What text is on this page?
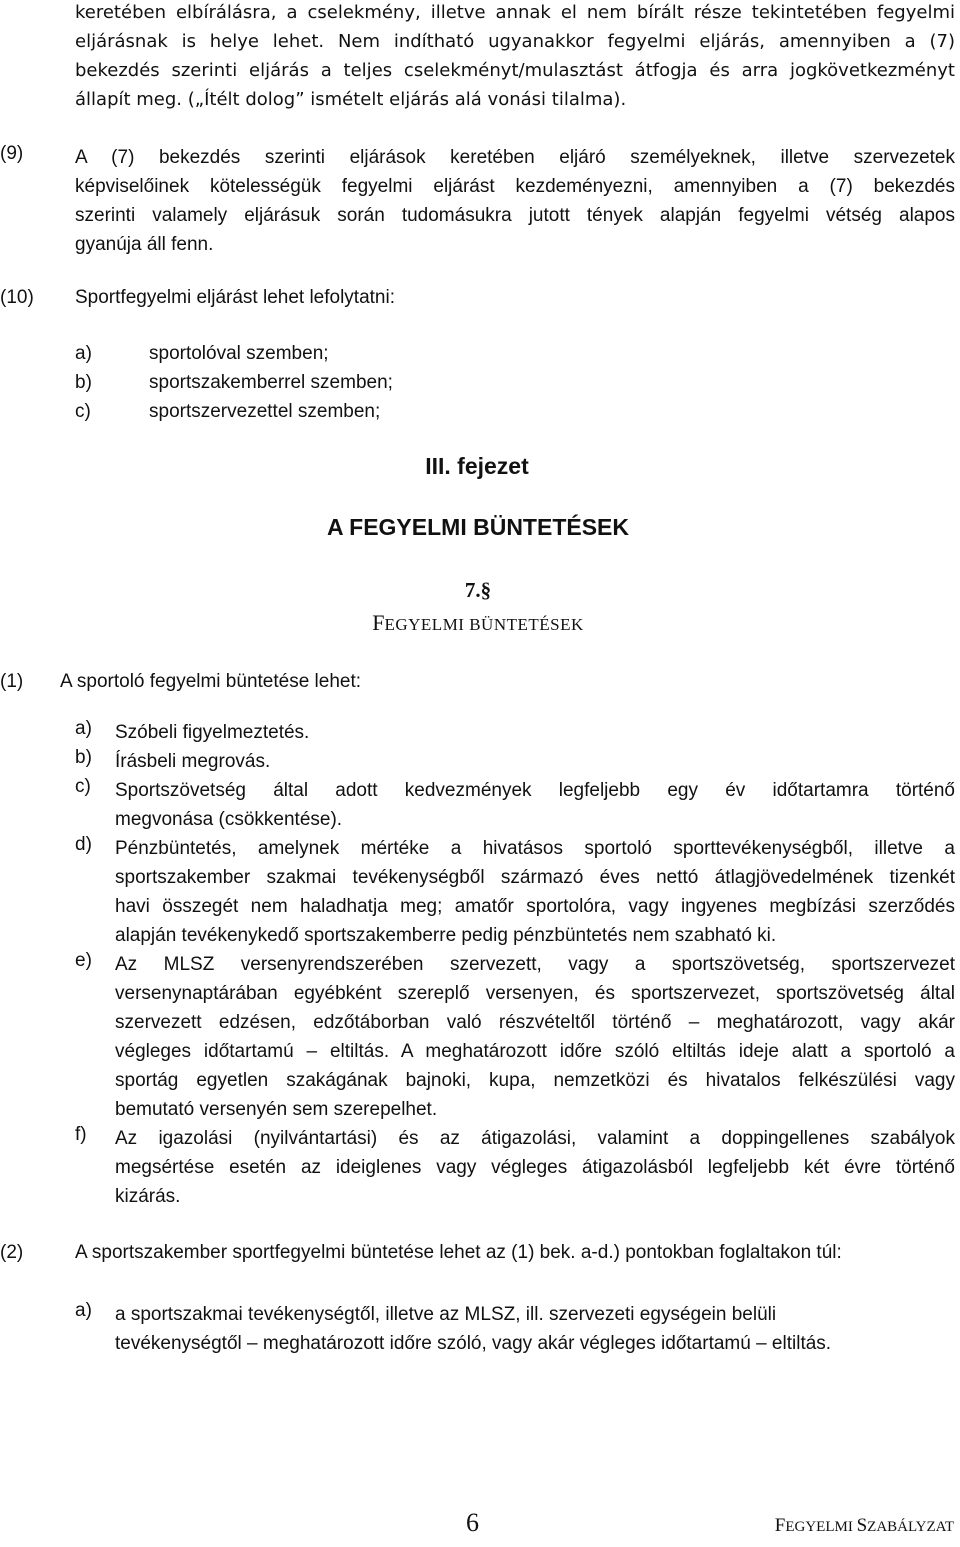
keretében elbírálásra, a cselekmény, illetve annak el nem bírált része tekintetében fegyelmi
eljárásnak is helye lehet. Nem indítható ugyanakkor fegyelmi eljárás, amennyiben a (7)
bekezdés szerinti eljárás a teljes cselekményt/mulasztást átfogja és arra jogkövetkezményt
állapít meg. („Ítélt dolog” ismételt eljárás alá vonási tilalma).
(9)	A (7) bekezdés szerinti eljárások keretében eljáró személyeknek, illetve szervezetek
képviselőinek kötelességük fegyelmi eljárást kezdeményezni, amennyiben a (7) bekezdés
szerinti valamely eljárásuk során tudomásukra jutott tények alapján fegyelmi vétség alapos
gyanúja áll fenn.
(10) Sportfegyelmi eljárást lehet lefolytatni:
a)	sportolóval szemben;
b)	sportszakemberrel szemben;
c)	sportszervezettel szemben;
III. fejezet
A FEGYELMI BÜNTETÉSEK
7.§
FEGYELMI BÜNTETÉSEK
(1) A sportoló fegyelmi büntetése lehet:
a) Szóbeli figyelmeztetés.
b) Írásbeli megrovás.
c) Sportszövetség által adott kedvezmények legfeljebb egy év időtartamra történő
megvonása (csökkentése).
d) Pénzbüntetés, amelynek mértéke a hivatásos sportoló sporttevékenységből, illetve a
sportszakember szakmai tevékenységből származó éves nettó átlagjövedelmének tizenkét
havi összegét nem haladhatja meg; amatőr sportolóra, vagy ingyenes megbízási szerződés
alapján tevékenykedő sportszakemberre pedig pénzbüntetés nem szabható ki.
e) Az MLSZ versenyrendszerében szervezett, vagy a sportszövetség, sportszervezet
versenynaptárában egyébként szereplő versenyen, és sportszervezet, sportszövetség által
szervezett edzésen, edzőtáborban való részvételtől történő – meghatározott, vagy akár
végleges időtartamú – eltiltás. A meghatározott időre szóló eltiltás ideje alatt a sportoló a
sportág egyetlen szakágának bajnoki, kupa, nemzetközi és hivatalos felkészülési vagy
bemutató versenyén sem szerepelhet.
f) Az igazolási (nyilvántartási) és az átigazolási, valamint a doppingellenes szabályok
megsértése esetén az ideiglenes vagy végleges átigazolásból legfeljebb két évre történő
kizárás.
(2)	A sportszakember sportfegyelmi büntetése lehet az (1) bek. a-d.) pontokban foglaltakon túl:
a) a sportszakmai tevékenységtől, illetve az MLSZ, ill. szervezeti egységein belüli
tevékenységtől – meghatározott időre szóló, vagy akár végleges időtartamú – eltiltás.
6	FEGYELMI SZABÁLYZAT
